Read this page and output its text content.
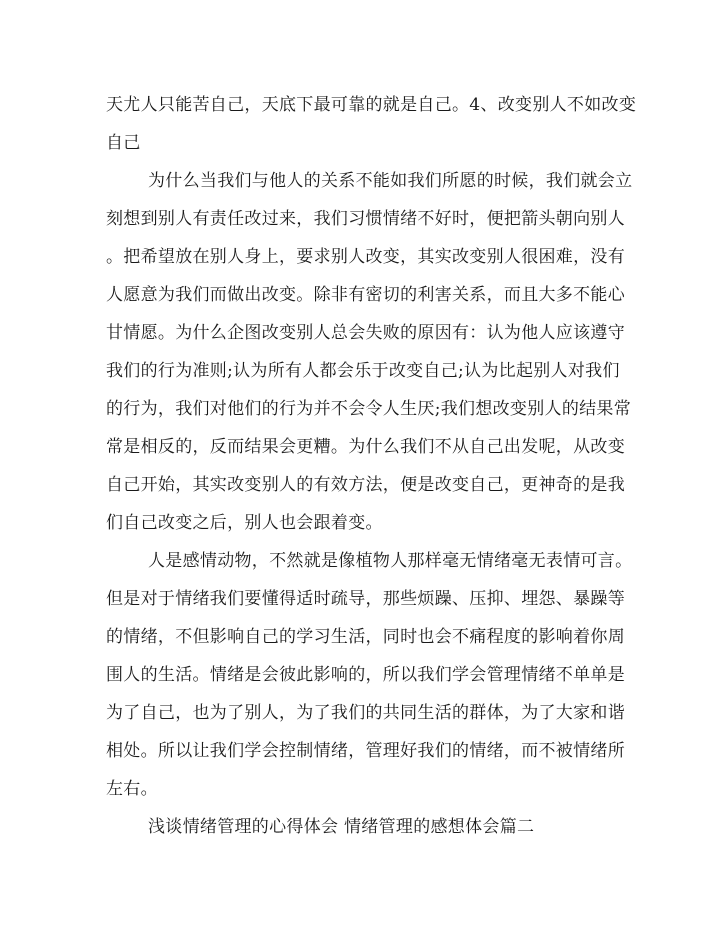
天尤人只能苦自己，天底下最可靠的就是自己。4、改变别人不如改变
自己
为什么当我们与他人的关系不能如我们所愿的时候，我们就会立
刻想到别人有责任改过来，我们习惯情绪不好时，便把箭头朝向别人
。把希望放在别人身上，要求别人改变，其实改变别人很困难，没有
人愿意为我们而做出改变。除非有密切的利害关系，而且大多不能心
甘情愿。为什么企图改变别人总会失败的原因有：认为他人应该遵守
我们的行为准则;认为所有人都会乐于改变自己;认为比起别人对我们
的行为，我们对他们的行为并不会令人生厌;我们想改变别人的结果常
常是相反的，反而结果会更糟。为什么我们不从自己出发呢，从改变
自己开始，其实改变别人的有效方法，便是改变自己，更神奇的是我
们自己改变之后，别人也会跟着变。
人是感情动物，不然就是像植物人那样毫无情绪毫无表情可言。
但是对于情绪我们要懂得适时疏导，那些烦躁、压抑、埋怨、暴躁等
的情绪，不但影响自己的学习生活，同时也会不痛程度的影响着你周
围人的生活。情绪是会彼此影响的，所以我们学会管理情绪不单单是
为了自己，也为了别人，为了我们的共同生活的群体，为了大家和谐
相处。所以让我们学会控制情绪，管理好我们的情绪，而不被情绪所
左右。
浅谈情绪管理的心得体会 情绪管理的感想体会篇二
